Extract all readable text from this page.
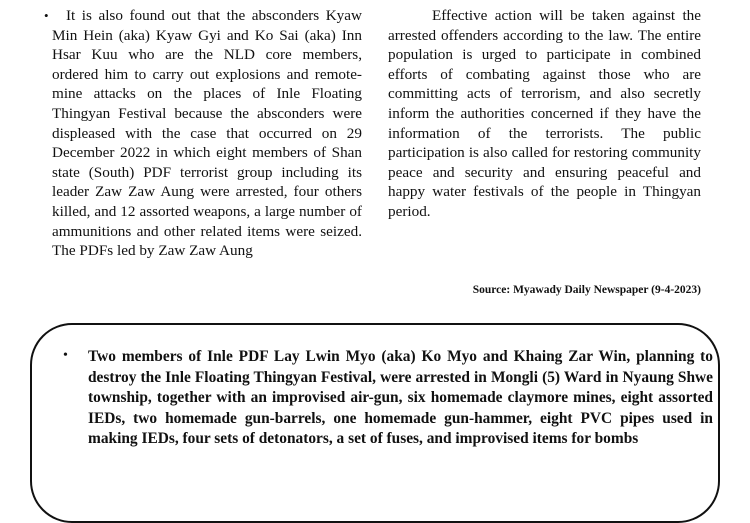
• It is also found out that the absconders Kyaw Min Hein (aka) Kyaw Gyi and Ko Sai (aka) Inn Hsar Kuu who are the NLD core members, ordered him to carry out explosions and remote-mine attacks on the places of Inle Floating Thingyan Festival because the absconders were displeased with the case that occurred on 29 December 2022 in which eight members of Shan state (South) PDF terrorist group including its leader Zaw Zaw Aung were arrested, four others killed, and 12 assorted weapons, a large number of ammunitions and other related items were seized. The PDFs led by Zaw Zaw Aung
Effective action will be taken against the arrested offenders according to the law. The entire population is urged to participate in combined efforts of combating against those who are committing acts of terrorism, and also secretly inform the authorities concerned if they have the information of the terrorists. The public participation is also called for restoring community peace and security and ensuring peaceful and happy water festivals of the people in Thingyan period.
Source: Myawady Daily Newspaper (9-4-2023)
• Two members of Inle PDF Lay Lwin Myo (aka) Ko Myo and Khaing Zar Win, planning to destroy the Inle Floating Thingyan Festival, were arrested in Mongli (5) Ward in Nyaung Shwe township, together with an improvised air-gun, six homemade claymore mines, eight assorted IEDs, two homemade gun-barrels, one homemade gun-hammer, eight PVC pipes used in making IEDs, four sets of detonators, a set of fuses, and improvised items for bombs
